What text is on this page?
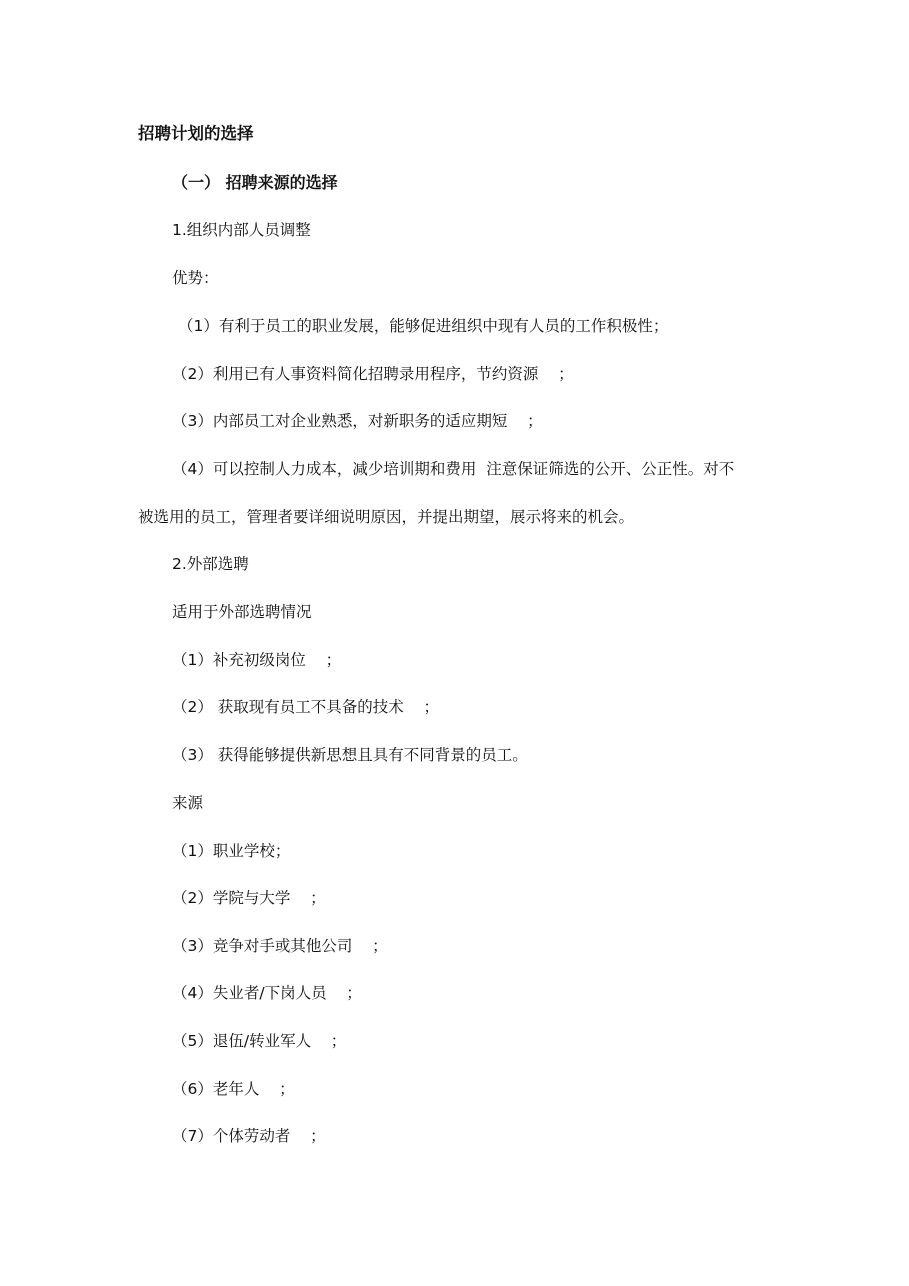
招聘计划的选择
（一） 招聘来源的选择
1.组织内部人员调整
优势：
（1）有利于员工的职业发展，能够促进组织中现有人员的工作积极性；
（2）利用已有人事资料简化招聘录用程序，节约资源    ；
（3）内部员工对企业熟悉，对新职务的适应期短    ；
（4）可以控制人力成本，减少培训期和费用  注意保证筛选的公开、公正性。对不
被选用的员工，管理者要详细说明原因，并提出期望，展示将来的机会。
2.外部选聘
适用于外部选聘情况
（1）补充初级岗位    ；
（2） 获取现有员工不具备的技术    ；
（3） 获得能够提供新思想且具有不同背景的员工。
来源
（1）职业学校；
（2）学院与大学    ；
（3）竞争对手或其他公司    ；
（4）失业者/下岗人员    ；
（5）退伍/转业军人    ；
（6）老年人    ；
（7）个体劳动者    ；
